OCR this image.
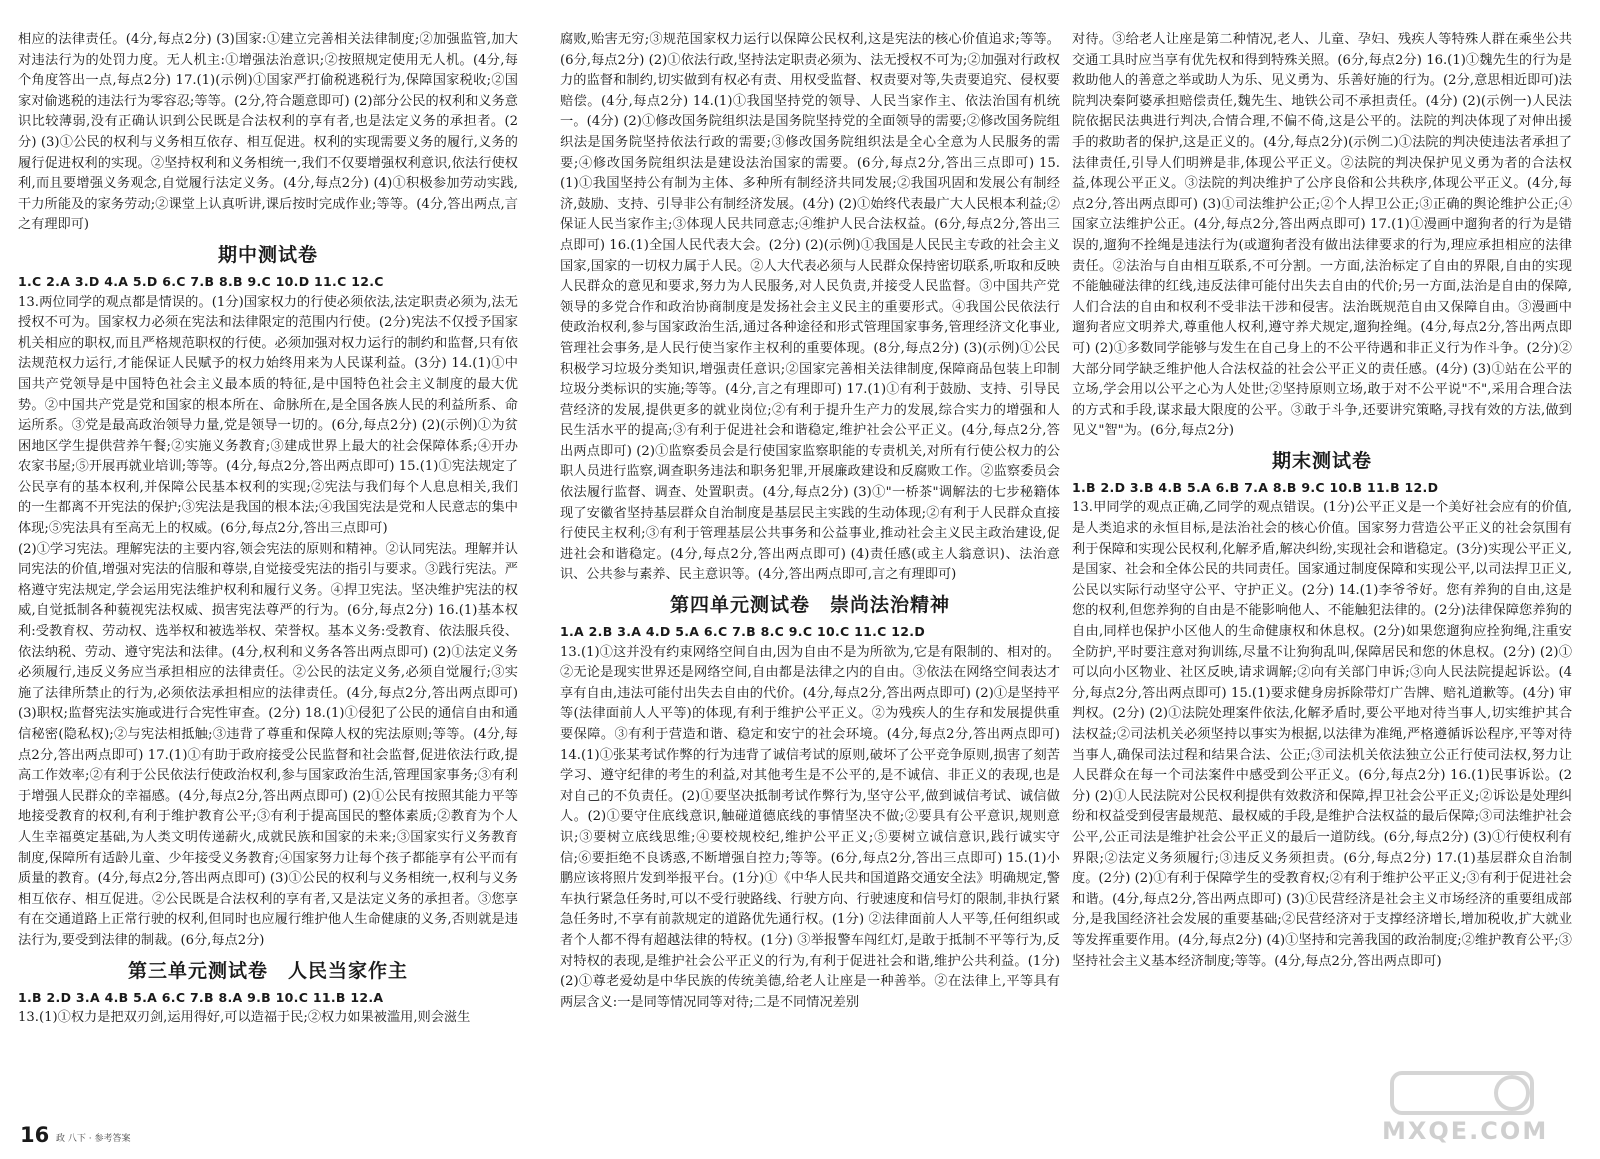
相应的法律责任。(4分,每点2分) (3)国家:①建立完善相关法律制度;②加强监管,加大对违法行为的处罚力度。无人机主:①增强法治意识;②按照规定使用无人机。(4分,每个角度答出一点,每点2分) 17.(1)(示例)①国家严打偷税逃税行为,保障国家税收;②国家对偷逃税的违法行为零容忍;等等。(2分,符合题意即可) (2)部分公民的权利和义务意识比较薄弱,没有正确认识到公民既是合法权利的享有者,也是法定义务的承担者。(2分) (3)①公民的权利与义务相互依存、相互促进。权利的实现需要义务的履行,义务的履行促进权利的实现。②坚持权利和义务相统一,我们不仅要增强权利意识,依法行使权利,而且要增强义务观念,自觉履行法定义务。(4分,每点2分) (4)①积极参加劳动实践,干力所能及的家务劳动;②课堂上认真听讲,课后按时完成作业;等等。(4分,答出两点,言之有理即可)

期中测试卷

1.C 2.A 3.D 4.A 5.D 6.C 7.B 8.B 9.C 10.D 11.C 12.C

13.两位同学的观点都是情误的。(1分)国家权力的行使必须依法,法定职责必须为,法无授权不可为。国家权力必须在宪法和法律限定的范围内行使。(2分)宪法不仅授予国家机关相应的职权,而且严格规范职权的行使。必须加强对权力运行的制约和监督,只有依法规范权力运行,才能保证人民赋予的权力始终用来为人民谋利益。(3分) 14.(1)①中国共产党领导是中国特色社会主义最本质的特征,是中国特色社会主义制度的最大优势。②中国共产党是党和国家的根本所在、命脉所在,是全国各族人民的利益所系、命运所系。③党是最高政治领导力量,党是领导一切的。(6分,每点2分) (2)(示例)①为贫困地区学生提供营养午餐;②实施义务教育;③建成世界上最大的社会保障体系;④开办农家书屋;⑤开展再就业培训;等等。(4分,每点2分,答出两点即可) 15.(1)①宪法规定了公民享有的基本权利,并保障公民基本权利的实现;②宪法与我们每个人息息相关,我们的一生都离不开宪法的保护;③宪法是我国的根本法;④我国宪法是党和人民意志的集中体现;⑤宪法具有至高无上的权威。(6分,每点2分,答出三点即可)

(2)①学习宪法。理解宪法的主要内容,领会宪法的原则和精神。②认同宪法。理解并认同宪法的价值,增强对宪法的信服和尊崇,自觉接受宪法的指引与要求。③践行宪法。严格遵守宪法规定,学会运用宪法维护权利和履行义务。④捍卫宪法。坚决维护宪法的权威,自觉抵制各种藐视宪法权威、损害宪法尊严的行为。(6分,每点2分) 16.(1)基本权利:受教育权、劳动权、选举权和被选举权、荣誉权。基本义务:受教育、依法服兵役、依法纳税、劳动、遵守宪法和法律。(4分,权利和义务各答出两点即可) (2)①法定义务必须履行,违反义务应当承担相应的法律责任。②公民的法定义务,必须自觉履行;③实施了法律所禁止的行为,必须依法承担相应的法律责任。(4分,每点2分,答出两点即可) (3)职权;监督宪法实施或进行合宪性审查。(2分) 18.(1)①侵犯了公民的通信自由和通信秘密(隐私权);②与宪法相抵触;③违背了尊重和保障人权的宪法原则;等等。(4分,每点2分,答出两点即可) 17.(1)①有助于政府接受公民监督和社会监督,促进依法行政,提高工作效率;②有利于公民依法行使政治权利,参与国家政治生活,管理国家事务;③有利于增强人民群众的幸福感。(4分,每点2分,答出两点即可) (2)①公民有按照其能力平等地接受教育的权利,有利于维护教育公平;③有利于提高国民的整体素质;②教育为个人人生幸福奠定基础,为人类文明传递薪火,成就民族和国家的未来;③国家实行义务教育制度,保障所有适龄儿童、少年接受义务教育;④国家努力让每个孩子都能享有公平而有质量的教育。(4分,每点2分,答出两点即可) (3)①公民的权利与义务相统一,权利与义务相互依存、相互促进。②公民既是合法权利的享有者,又是法定义务的承担者。③您享有在交通道路上正常行驶的权利,但同时也应履行维护他人生命健康的义务,否则就是违法行为,要受到法律的制裁。(6分,每点2分)

第三单元测试卷　人民当家作主

1.B 2.D 3.A 4.B 5.A 6.C 7.B 8.A 9.B 10.C 11.B 12.A

13.(1)①权力是把双刃剑,运用得好,可以造福于民;②权力如果被滥用,则会滋生

腐败,贻害无穷;③规范国家权力运行以保障公民权利,这是宪法的核心价值追求;等等。(6分,每点2分) (2)①依法行政,坚持法定职责必须为、法无授权不可为;②加强对行政权力的监督和制约,切实做到有权必有责、用权受监督、权责要对等,失责要追究、侵权要赔偿。(4分,每点2分) 14.(1)①我国坚持党的领导、人民当家作主、依法治国有机统一。(4分) (2)①修改国务院组织法是国务院坚持党的全面领导的需要;②修改国务院组织法是国务院坚持依法行政的需要;③修改国务院组织法是全心全意为人民服务的需要;④修改国务院组织法是建设法治国家的需要。(6分,每点2分,答出三点即可) 15.(1)①我国坚持公有制为主体、多种所有制经济共同发展;②我国巩固和发展公有制经济,鼓励、支持、引导非公有制经济发展。(4分) (2)①始终代表最广大人民根本利益;②保证人民当家作主;③体现人民共同意志;④维护人民合法权益。(6分,每点2分,答出三点即可) 16.(1)全国人民代表大会。(2分) (2)(示例)①我国是人民民主专政的社会主义国家,国家的一切权力属于人民。②人大代表必须与人民群众保持密切联系,听取和反映人民群众的意见和要求,努力为人民服务,对人民负责,并接受人民监督。③中国共产党领导的多党合作和政治协商制度是发扬社会主义民主的重要形式。④我国公民依法行使政治权利,参与国家政治生活,通过各种途径和形式管理国家事务,管理经济文化事业,管理社会事务,是人民行使当家作主权利的重要体现。(8分,每点2分) (3)(示例)①公民积极学习垃圾分类知识,增强责任意识;②国家完善相关法律制度,保障商品包装上印制垃圾分类标识的实施;等等。(4分,言之有理即可) 17.(1)①有利于鼓励、支持、引导民营经济的发展,提供更多的就业岗位;②有利于提升生产力的发展,综合实力的增强和人民生活水平的提高;③有利于促进社会和谐稳定,维护社会公平正义。(4分,每点2分,答出两点即可) (2)①监察委员会是行使国家监察职能的专责机关,对所有行使公权力的公职人员进行监察,调查职务违法和职务犯罪,开展廉政建设和反腐败工作。②监察委员会依法履行监督、调查、处置职责。(4分,每点2分) (3)①"一桥茶"调解法的七步秘籍体现了安徽省坚持基层群众自治制度是基层民主实践的生动体现;②有利于人民群众直接行使民主权利;③有利于管理基层公共事务和公益事业,推动社会主义民主政治建设,促进社会和谐稳定。(4分,每点2分,答出两点即可) (4)责任感(或主人翁意识)、法治意识、公共参与素养、民主意识等。(4分,答出两点即可,言之有理即可)

第四单元测试卷　崇尚法治精神

1.A 2.B 3.A 4.D 5.A 6.C 7.B 8.C 9.C 10.C 11.C 12.D

13.(1)①这并没有约束网络空间自由,因为自由不是为所欲为,它是有限制的、相对的。②无论是现实世界还是网络空间,自由都是法律之内的自由。③依法在网络空间表达才享有自由,违法可能付出失去自由的代价。(4分,每点2分,答出两点即可) (2)①是坚持平等(法律面前人人平等)的体现,有利于维护公平正义。②为残疾人的生存和发展提供重要保障。③有利于营造和谐、稳定和安宁的社会环境。(4分,每点2分,答出两点即可) 14.(1)①张某考试作弊的行为违背了诚信考试的原则,破坏了公平竞争原则,损害了刻苦学习、遵守纪律的考生的利益,对其他考生是不公平的,是不诚信、非正义的表现,也是对自己的不负责任。(2)①要坚决抵制考试作弊行为,坚守公平,做到诚信考试、诚信做人。(2)①要守住底线意识,触碰道德底线的事情坚决不做;②要具有公平意识,规则意识;③要树立底线思维;④要校规校纪,维护公平正义;⑤要树立诚信意识,践行诚实守信;⑥要拒绝不良诱惑,不断增强自控力;等等。(6分,每点2分,答出三点即可) 15.(1)小鹏应该将照片发到举报平台。(1分)①《中华人民共和国道路交通安全法》明确规定,警车执行紧急任务时,可以不受行驶路线、行驶方向、行驶速度和信号灯的限制,非执行紧急任务时,不享有前款规定的道路优先通行权。(1分) ②法律面前人人平等,任何组织或者个人都不得有超越法律的特权。(1分) ③举报警车闯红灯,是敢于抵制不平等行为,反对特权的表现,是维护社会公平正义的行为,有利于促进社会和谐,维护公共利益。(1分) (2)①尊老爱幼是中华民族的传统美德,给老人让座是一种善举。②在法律上,平等具有两层含义:一是同等情况同等对待;二是不同情况差别

对待。③给老人让座是第二种情况,老人、儿童、孕妇、残疾人等特殊人群在乘坐公共交通工具时应当享有优先权和得到特殊关照。(6分,每点2分) 16.(1)①魏先生的行为是救助他人的善意之举或助人为乐、见义勇为、乐善好施的行为。(2分,意思相近即可)法院判决秦阿婆承担赔偿责任,魏先生、地铁公司不承担责任。(4分) (2)(示例一)人民法院依据民法典进行判决,合情合理,不偏不倚,这是公平的。法院的判决体现了对伸出援手的救助者的保护,这是正义的。(4分,每点2分)(示例二)①法院的判决使违法者承担了法律责任,引导人们明辨是非,体现公平正义。②法院的判决保护见义勇为者的合法权益,体现公平正义。③法院的判决维护了公序良俗和公共秩序,体现公平正义。(4分,每点2分,答出两点即可) (3)①司法维护公正;②个人捍卫公正;③正确的舆论维护公正;④国家立法维护公正。(4分,每点2分,答出两点即可) 17.(1)①漫画中遛狗者的行为是错误的,遛狗不拴绳是违法行为(或遛狗者没有做出法律要求的行为,理应承担相应的法律责任。②法治与自由相互联系,不可分割。一方面,法治标定了自由的界限,自由的实现不能触碰法律的红线,违反法律可能付出失去自由的代价;另一方面,法治是自由的保障,人们合法的自由和权利不受非法干涉和侵害。法治既规范自由又保障自由。③漫画中遛狗者应文明养犬,尊重他人权利,遵守养犬规定,遛狗拴绳。(4分,每点2分,答出两点即可) (2)①多数同学能够与发生在自己身上的不公平待遇和非正义行为作斗争。(2分)②大部分同学缺乏维护他人合法权益的社会公平正义的责任感。(4分) (3)①站在公平的立场,学会用以公平之心为人处世;②坚持原则立场,敢于对不公平说"不",采用合理合法的方式和手段,谋求最大限度的公平。③敢于斗争,还要讲究策略,寻找有效的方法,做到见义"智"为。(6分,每点2分)

期末测试卷

1.B 2.D 3.B 4.B 5.A 6.B 7.A 8.B 9.C 10.B 11.B 12.D

13.甲同学的观点正确,乙同学的观点错误。(1分)公平正义是一个美好社会应有的价值,是人类追求的永恒目标,是法治社会的核心价值。国家努力营造公平正义的社会氛围有利于保障和实现公民权利,化解矛盾,解决纠纷,实现社会和谐稳定。(3分)实现公平正义,是国家、社会和全体公民的共同责任。国家通过制度保障和实现公平,以司法捍卫正义,公民以实际行动坚守公平、守护正义。(2分) 14.(1)李爷爷好。您有养狗的自由,这是您的权利,但您养狗的自由是不能影响他人、不能触犯法律的。(2分)法律保障您养狗的自由,同样也保护小区他人的生命健康权和休息权。(2分)如果您遛狗应拴狗绳,注重安全防护,平时要注意对狗训练,尽量不让狗狗乱叫,保障居民和您的休息权。(2分) (2)①可以向小区物业、社区反映,请求调解;②向有关部门申诉;③向人民法院提起诉讼。(4分,每点2分,答出两点即可) 15.(1)要求健身房拆除带灯广告牌、赔礼道歉等。(4分) 审判权。(2分) (2)①法院处理案件依法,化解矛盾时,要公平地对待当事人,切实维护其合法权益;②司法机关必须坚持以事实为根据,以法律为准绳,严格遵循诉讼程序,平等对待当事人,确保司法过程和结果合法、公正;③司法机关依法独立公正行使司法权,努力让人民群众在每一个司法案件中感受到公平正义。(6分,每点2分) 16.(1)民事诉讼。(2分) (2)①人民法院对公民权利提供有效救济和保障,捍卫社会公平正义;②诉讼是处理纠纷和权益受到侵害最规范、最权威的手段,是维护合法权益的最后保障;③司法维护社会公平,公正司法是维护社会公平正义的最后一道防线。(6分,每点2分) (3)①行使权利有界限;②法定义务须履行;③违反义务须担责。(6分,每点2分) 17.(1)基层群众自治制度。(2分) (2)①有利于保障学生的受教育权;②有利于维护公平正义;③有利于促进社会和谐。(4分,每点2分,答出两点即可) (3)①民营经济是社会主义市场经济的重要组成部分,是我国经济社会发展的重要基础;②民营经济对于支撑经济增长,增加税收,扩大就业等发挥重要作用。(4分,每点2分) (4)①坚持和完善我国的政治制度;②维护教育公平;③坚持社会主义基本经济制度;等等。(4分,每点2分,答出两点即可)

16 政 八下 · 参考答案	MXQE.COM
